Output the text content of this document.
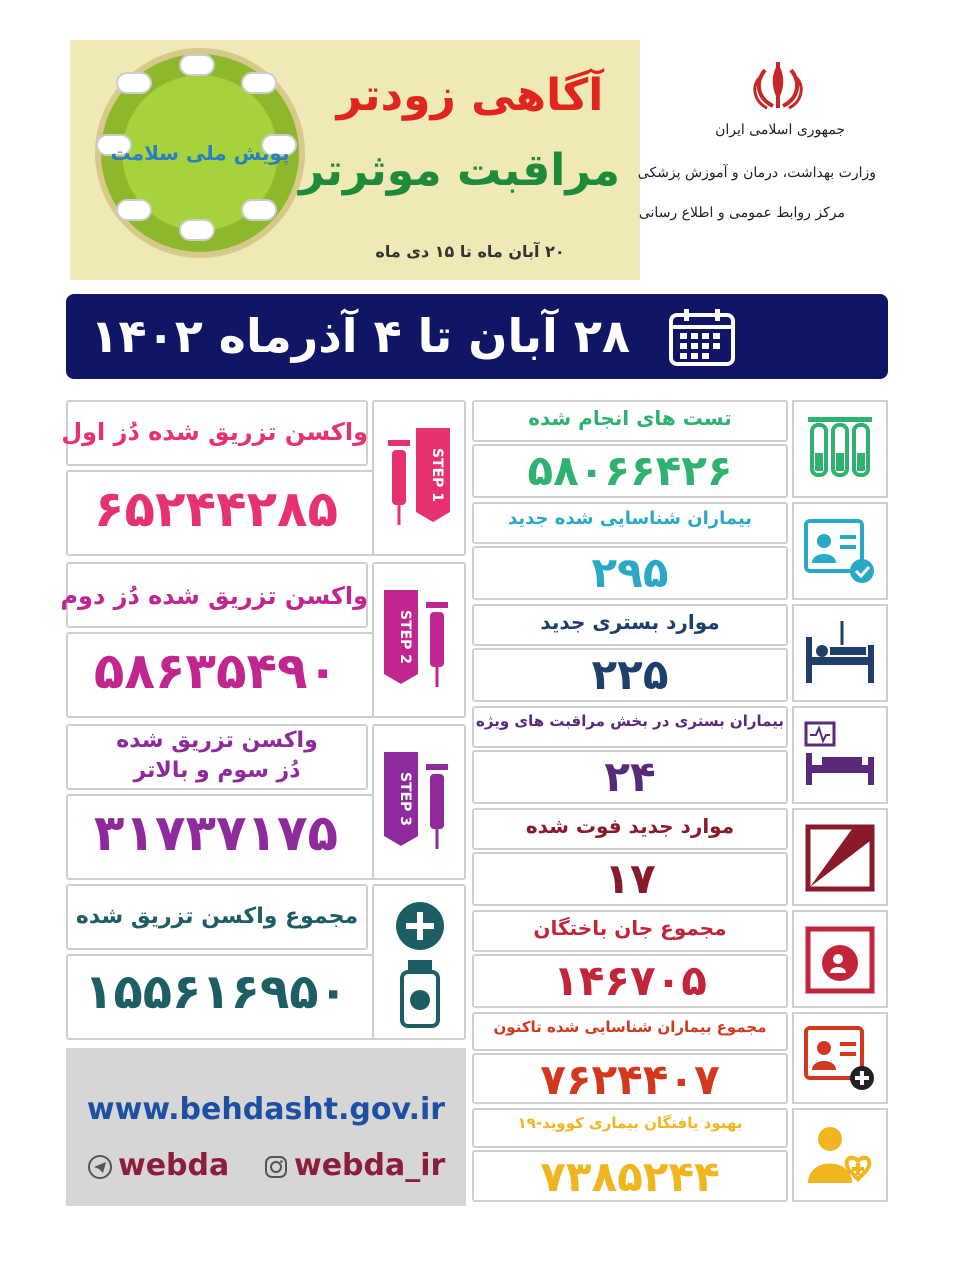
پویش ملی سلامت
آگاهی زودتر
مراقبت موثرتر
۲۰ آبان ماه تا ۱۵ دی ماه
جمهوری اسلامی ایران
وزارت بهداشت، درمان و آموزش پزشکی
مرکز روابط عمومی و اطلاع رسانی
۲۸ آبان تا ۴ آذرماه ۱۴۰۲
واکسن تزریق شده دُز اول
۶۵۲۴۴۲۸۵
STEP 1
واکسن تزریق شده دُز دوم
۵۸۶۳۵۴۹۰
STEP 2
واکسن تزریق شده
دُز سوم و بالاتر
۳۱۷۳۷۱۷۵
STEP 3
مجموع واکسن تزریق شده
۱۵۵۶۱۶۹۵۰
www.behdasht.gov.ir
webda webda_ir
تست های انجام شده
۵۸۰۶۶۴۲۶
بیماران شناسایی شده جدید
۲۹۵
موارد بستری جدید
۲۲۵
بیماران بستری در بخش مراقبت های ویژه
۲۴
موارد جدید فوت شده
۱۷
مجموع جان باختگان
۱۴۶۷۰۵
مجموع بیماران شناسایی شده تاکنون
۷۶۲۴۴۰۷
بهبود یافتگان بیماری کووید-۱۹
۷۳۸۵۲۴۴
